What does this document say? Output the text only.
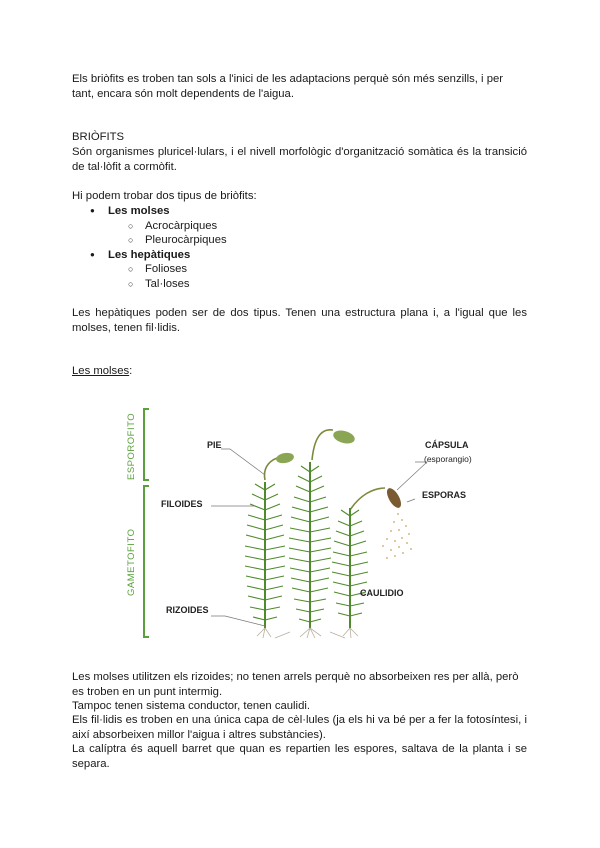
Els briòfits es troben tan sols a l'inici de les adaptacions perquè són més senzills, i per tant, encara són molt dependents de l'aigua.

BRIÒFITS

Són organismes pluricel·lulars, i el nivell morfològic d'organització somàtica és la transició de tal·lòfit a cormòfit.

Hi podem trobar dos tipus de briòfits:

● Les molses
○ Acrocàrpiques
○ Pleurocàrpiques
● Les hepàtiques
○ Folioses
○ Tal·loses

Les hepàtiques poden ser de dos tipus. Tenen una estructura plana i, a l'igual que les molses, tenen fil·lidis.

Les molses:

ESPOROFITO
GAMETOFITO
PIE	CÁPSULA
ESPORAS
FILOIDES
CAULIDIO
RIZOIDES
(esporangio)

Les molses utilitzen els rizoides; no tenen arrels perquè no absorbeixen res per allà, però es troben en un punt intermig.

Tampoc tenen sistema conductor, tenen caulidi.

Els fil·lidis es troben en una única capa de cèl·lules (ja els hi va bé per a fer la fotosíntesi, i així absorbeixen millor l'aigua i altres substàncies).

La calíptra és aquell barret que quan es repartien les espores, saltava de la planta i se separa.
